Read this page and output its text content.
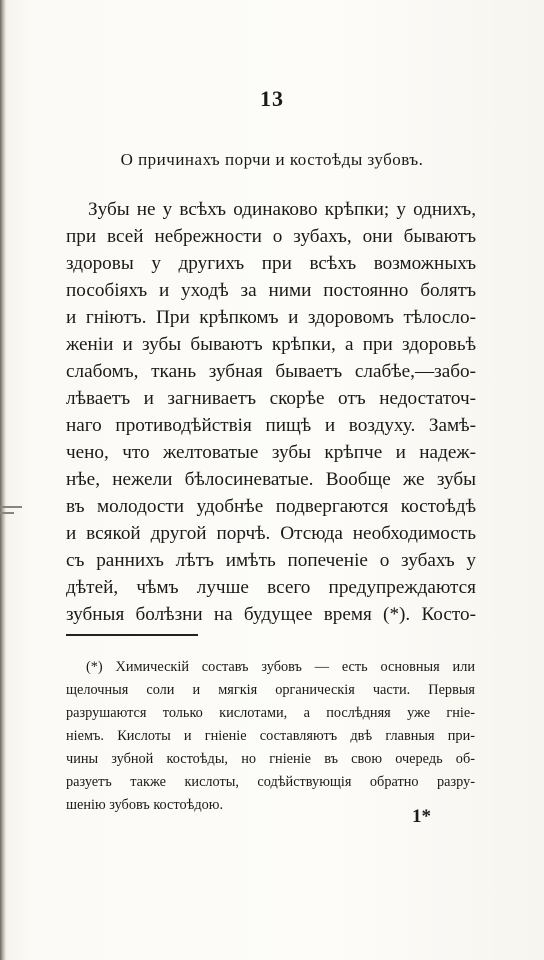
13
О причинахъ порчи и костоѣды зубовъ.
Зубы не у всѣхъ одинаково крѣпки; у однихъ,
при всей небрежности о зубахъ, они бываютъ
здоровы у другихъ при всѣхъ возможныхъ
пособіяхъ и уходѣ за ними постоянно болятъ
и гніютъ. При крѣпкомъ и здоровомъ тѣлосло-
женіи и зубы бываютъ крѣпки, а при здоровьѣ
слабомъ, ткань зубная бываетъ слабѣе,—забо-
лѣваетъ и загниваетъ скорѣе отъ недостаточ-
наго противодѣйствія пищѣ и воздуху. Замѣ-
чено, что желтоватые зубы крѣпче и надеж-
нѣе, нежели бѣлосиневатые. Вообще же зубы
въ молодости удобнѣе подвергаются костоѣдѣ
и всякой другой порчѣ. Отсюда необходимость
съ раннихъ лѣтъ имѣть попеченіе о зубахъ у
дѣтей, чѣмъ лучше всего предупреждаются
зубныя болѣзни на будущее время (*). Косто-
(*) Химическій составъ зубовъ — есть основныя или
щелочныя соли и мягкія органическія части. Первыя
разрушаются только кислотами, а послѣдняя уже гніе-
ніемъ. Кислоты и гніеніе составляютъ двѣ главныя при-
чины зубной костоѣды, но гніеніе въ свою очередь об-
разуетъ также кислоты, содѣйствующія обратно разру-
шенію зубовъ костоѣдою.
1*
